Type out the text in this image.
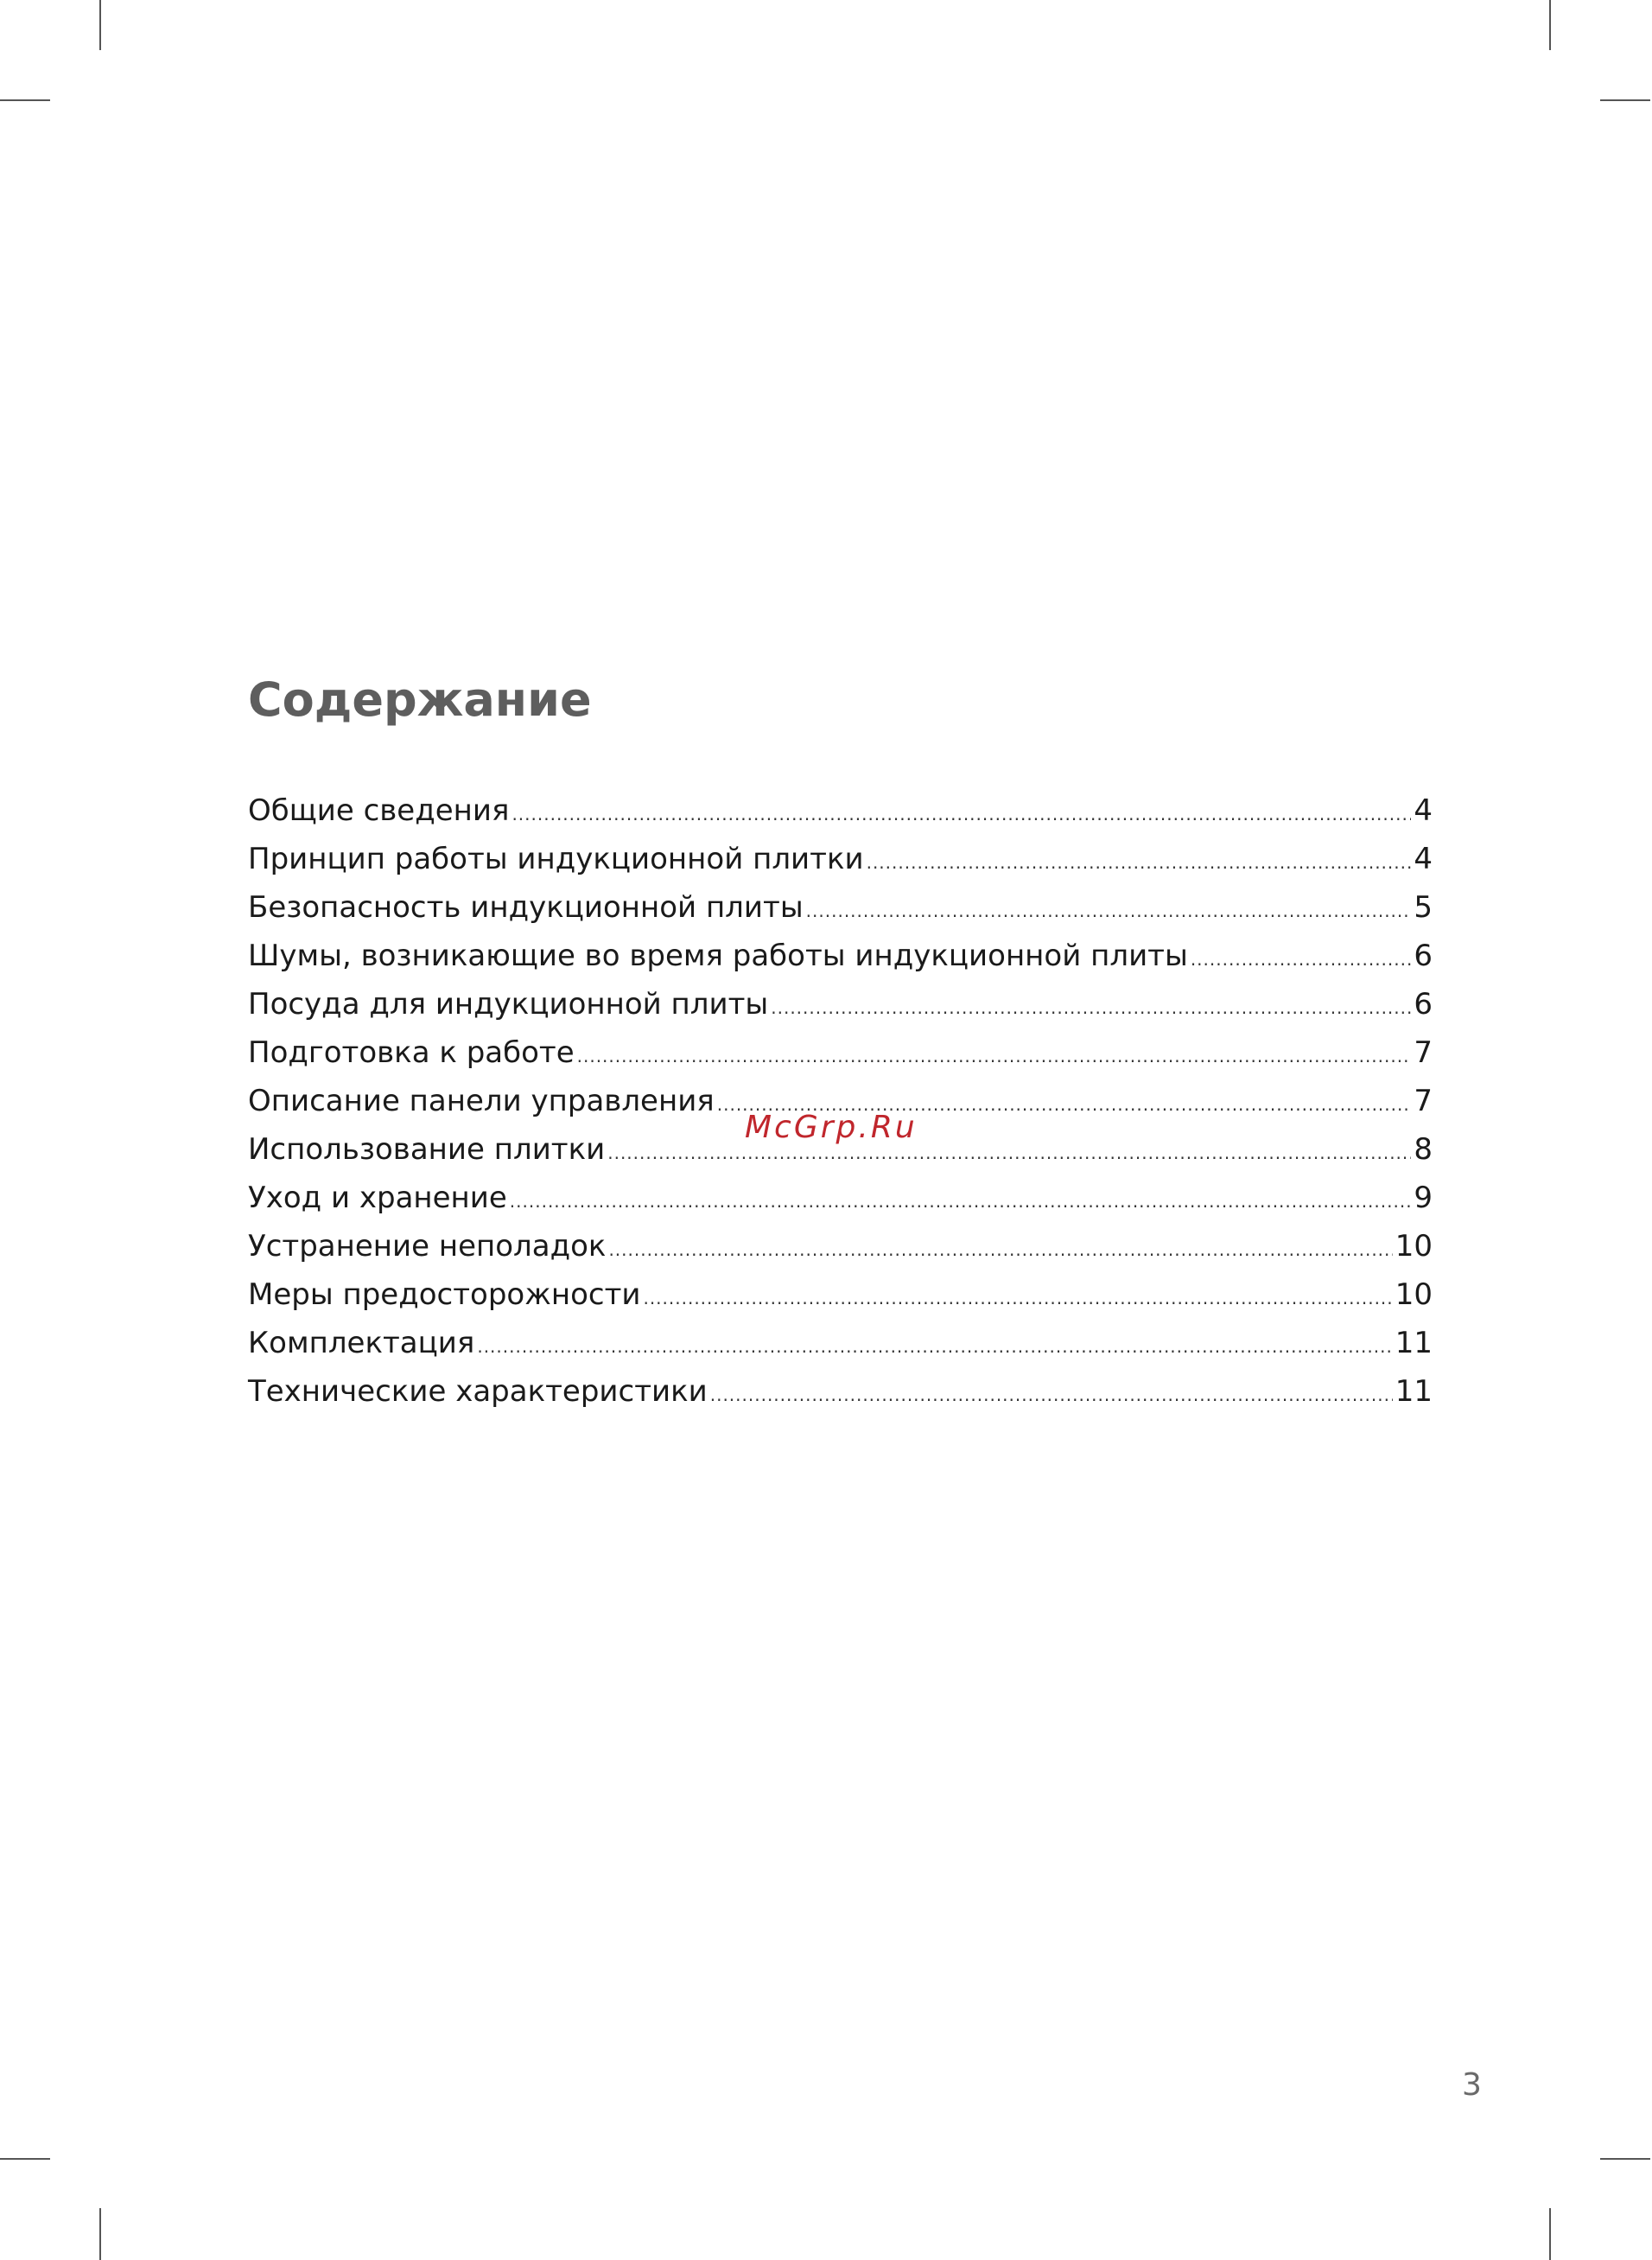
Содержание
Общие сведения .....	4
Принцип работы индукционной плитки .....	4
Безопасность индукционной плиты .....	5
Шумы, возникающие во время работы индукционной плиты .....	6
Посуда для индукционной плиты .....	6
Подготовка к работе .....	7
Описание панели управления .....	7
Использование плитки .....	8
Уход и хранение .....	9
Устранение неполадок .....	10
Меры предосторожности .....	10
Комплектация .....	11
Технические характеристики .....	11
McGrp.Ru
3
